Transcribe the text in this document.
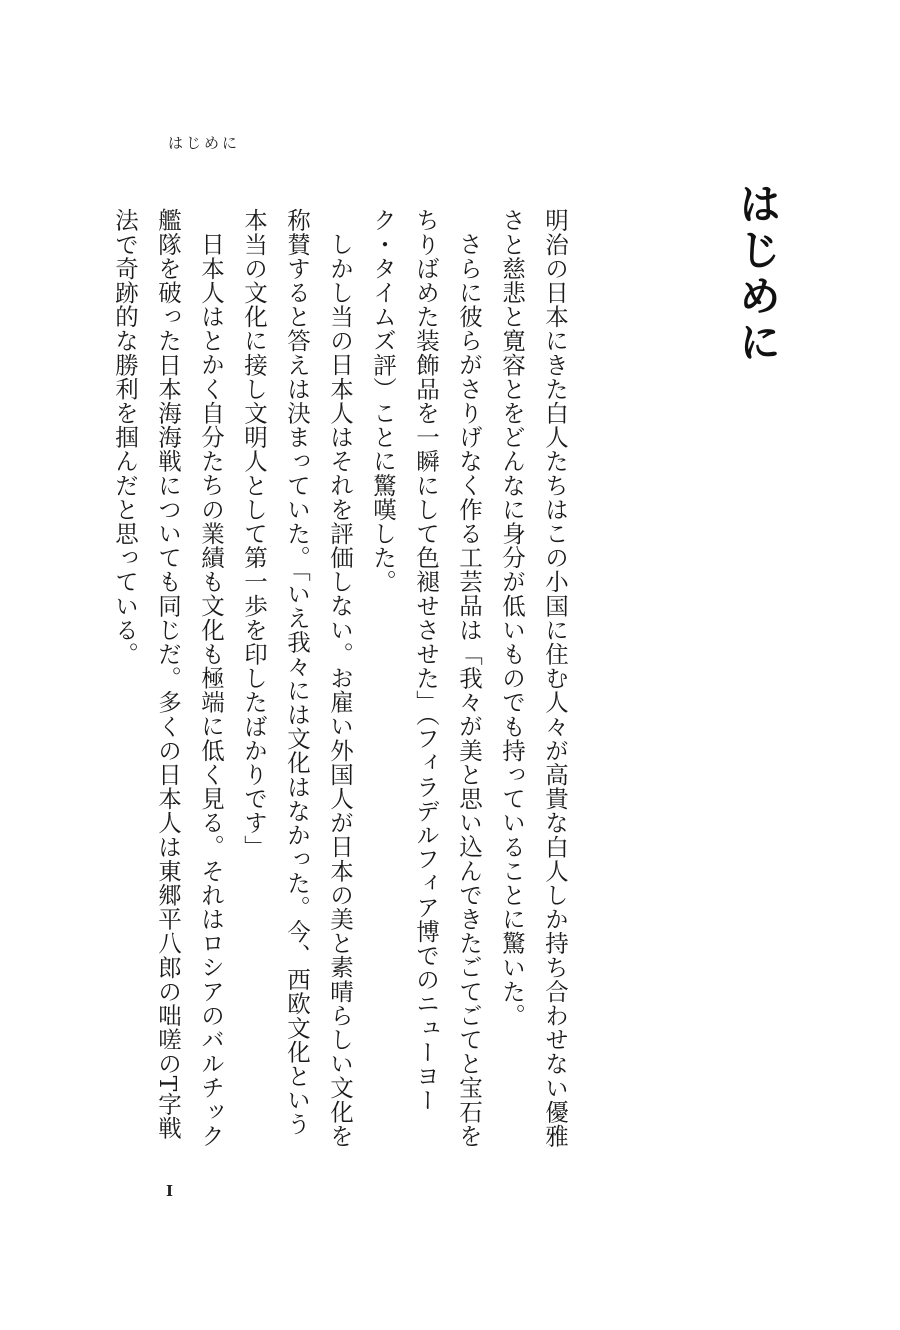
はじめに
はじめに

明治の日本にきた白人たちはこの小国に住む人々が高貴な白人しか持ち合わせない優雅さと慈悲と寛容とをどんなに身分が低いものでも持っていることに驚いた。

さらに彼らがさりげなく作る工芸品は「我々が美と思い込んできたごてごてと宝石をちりばめた装飾品を一瞬にして色褪せさせた」（フィラデルフィア博でのニューヨーク・タイムズ評）ことに驚嘆した。

しかし当の日本人はそれを評価しない。お雇い外国人が日本の美と素晴らしい文化を称賛すると答えは決まっていた。「いえ我々には文化はなかった。今、西欧文化という本当の文化に接し文明人として第一歩を印したばかりです」

日本人はとかく自分たちの業績も文化も極端に低く見る。それはロシアのバルチック艦隊を破った日本海海戦についても同じだ。多くの日本人は東郷平八郎の咄嗟のT字戦法で奇跡的な勝利を掴んだと思っている。

I
